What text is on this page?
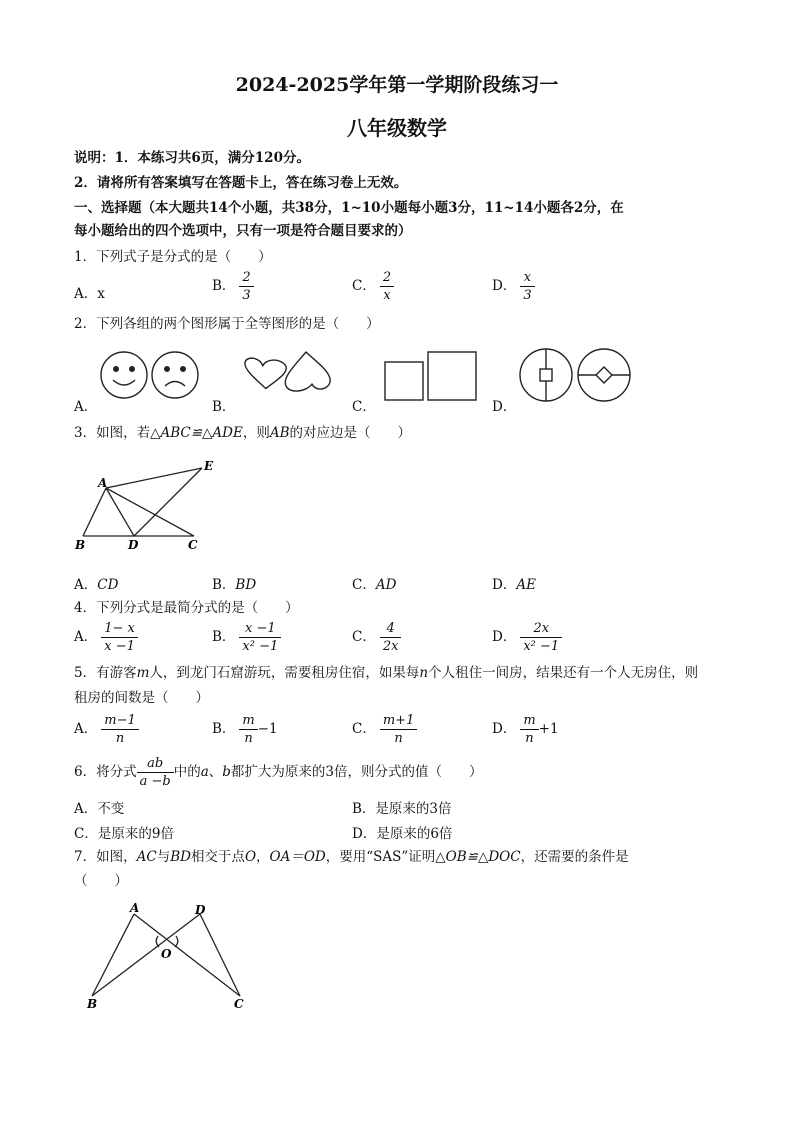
2024-2025学年第一学期阶段练习一
八年级数学
说明：1．本练习共6页，满分120分。
2．请将所有答案填写在答题卡上，答在练习卷上无效。
一、选择题（本大题共14个小题，共38分，1~10小题每小题3分，11~14小题各2分，在
每小题给出的四个选项中，只有一项是符合题目要求的）
1．下列式子是分式的是（　　）
A．x	B． $\frac{2}{3}$	C． $\frac{2}{x}$	D． $\frac{x}{3}$
2．下列各组的两个图形属于全等图形的是（　　）
A．	B．	C．	D．
3．如图，若△ABC≌△ADE，则AB的对应边是（　　）
A
E
B	D	C
A．CD	B．BD	C．AD	D．AE
4．下列分式是最简分式的是（　　）
A． $\frac{1- x}{x -1}$	B． $\frac{x -1}{\text{x² −1}}$	C． $\frac{4}{2x}$	D． $\frac{2x}{\text{x² −1}}$
5．有游客m人，到龙门石窟游玩，需要租房住宿，如果每n个人租住一间房，结果还有一个人无房住，则
租房的间数是（　　）
A． $\frac{m-1}{n}$	B． $\frac{m}{n} -1$	C． $\frac{m+1}{n}$	D． $\frac{m}{n} +1$
6．将分式 $\frac{ab}{a -b}$ 中的a、b都扩大为原来的3倍，则分式的值（　　）
A．不变	B．是原来的3倍
C．是原来的9倍	D．是原来的6倍
7．如图，AC与BD相交于点O，OA＝OD，要用“SAS”证明△OB≌△DOC，还需要的条件是
（　　）
A	D
O
B	C
